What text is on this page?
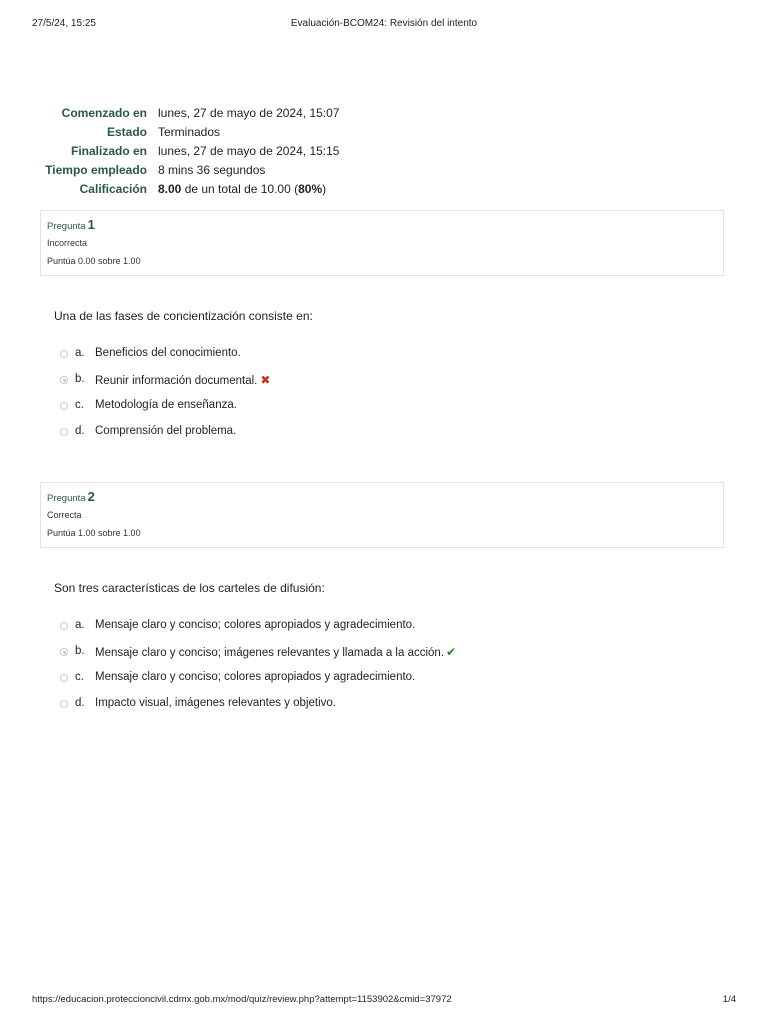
27/5/24, 15:25	Evaluación-BCOM24: Revisión del intento
Comenzado en	lunes, 27 de mayo de 2024, 15:07
Estado	Terminados
Finalizado en	lunes, 27 de mayo de 2024, 15:15
Tiempo empleado	8 mins 36 segundos
Calificación	8.00 de un total de 10.00 (80%)
Pregunta 1
Incorrecta
Puntúa 0.00 sobre 1.00
Una de las fases de concientización consiste en:
a. Beneficios del conocimiento.
b. Reunir información documental. ✖
c. Metodología de enseñanza.
d. Comprensión del problema.
Pregunta 2
Correcta
Puntúa 1.00 sobre 1.00
Son tres características de los carteles de difusión:
a. Mensaje claro y conciso; colores apropiados y agradecimiento.
b. Mensaje claro y conciso; imágenes relevantes y llamada a la acción. ✔
c. Mensaje claro y conciso; colores apropiados y agradecimiento.
d. Impacto visual, imágenes relevantes y objetivo.
https://educacion.proteccioncivil.cdmx.gob.mx/mod/quiz/review.php?attempt=1153902&cmid=37972	1/4
